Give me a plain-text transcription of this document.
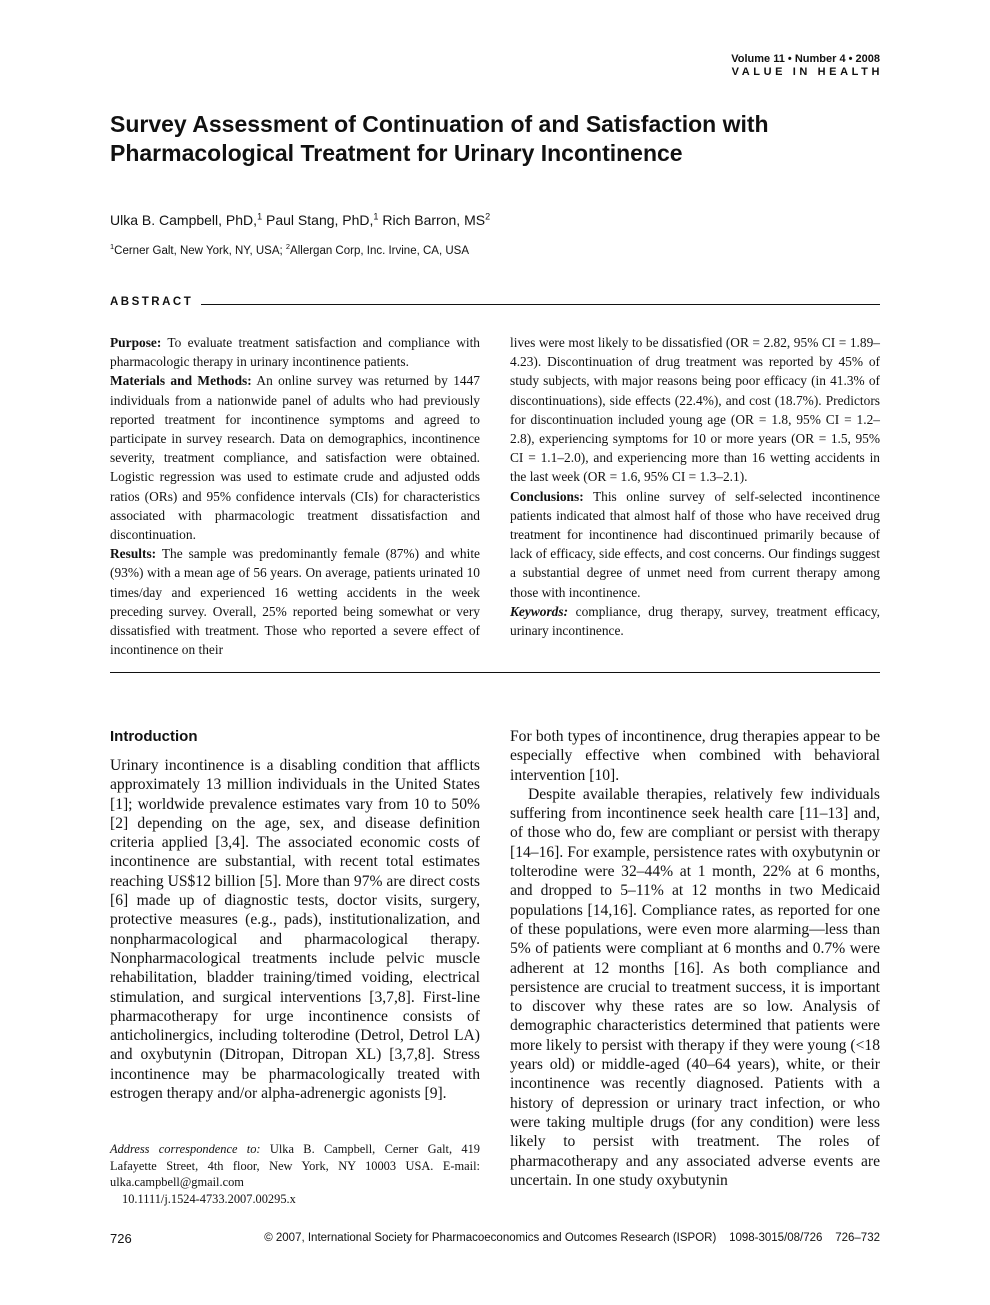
Volume 11 • Number 4 • 2008
VALUE IN HEALTH
Survey Assessment of Continuation of and Satisfaction with Pharmacological Treatment for Urinary Incontinence
Ulka B. Campbell, PhD,$^1$ Paul Stang, PhD,$^1$ Rich Barron, $MS^2$
$^1$Cerner Galt, New York, NY, USA; $^2$Allergan Corp, Inc. Irvine, CA, USA
ABSTRACT

Purpose: To evaluate treatment satisfaction and compliance with pharmacologic therapy in urinary incontinence patients.
Materials and Methods: An online survey was returned by 1447 individuals from a nationwide panel of adults who had previously reported treatment for incontinence symptoms and agreed to participate in survey research. Data on demographics, incontinence severity, treatment compliance, and satisfaction were obtained. Logistic regression was used to estimate crude and adjusted odds ratios (ORs) and 95% confidence intervals (CIs) for characteristics associated with pharmacologic treatment dissatisfaction and discontinuation.
Results: The sample was predominantly female (87%) and white (93%) with a mean age of 56 years. On average, patients urinated 10 times/day and experienced 16 wetting accidents in the week preceding survey. Overall, 25% reported being somewhat or very dissatisfied with treatment. Those who reported a severe effect of incontinence on their

lives were most likely to be dissatisfied (OR = 2.82, 95% CI = 1.89–4.23). Discontinuation of drug treatment was reported by 45% of study subjects, with major reasons being poor efficacy (in 41.3% of discontinuations), side effects (22.4%), and cost (18.7%). Predictors for discontinuation included young age (OR = 1.8, 95% CI = 1.2–2.8), experiencing symptoms for 10 or more years (OR = 1.5, 95% CI = 1.1–2.0), and experiencing more than 16 wetting accidents in the last week (OR = 1.6, 95% CI = 1.3–2.1).
Conclusions: This online survey of self-selected incontinence patients indicated that almost half of those who have received drug treatment for incontinence had discontinued primarily because of lack of efficacy, side effects, and cost concerns. Our findings suggest a substantial degree of unmet need from current therapy among those with incontinence.
Keywords: compliance, drug therapy, survey, treatment efficacy, urinary incontinence.

Introduction

Urinary incontinence is a disabling condition that afflicts approximately 13 million individuals in the United States [1]; worldwide prevalence estimates vary from 10 to 50% [2] depending on the age, sex, and disease definition criteria applied [3,4]. The associated economic costs of incontinence are substantial, with recent total estimates reaching US$12 billion [5]. More than 97% are direct costs [6] made up of diagnostic tests, doctor visits, surgery, protective measures (e.g., pads), institutionalization, and nonpharmacological and pharmacological therapy. Nonpharmacological treatments include pelvic muscle rehabilitation, bladder training/timed voiding, electrical stimulation, and surgical interventions [3,7,8]. First-line pharmacotherapy for urge incontinence consists of anticholinergics, including tolterodine (Detrol, Detrol LA) and oxybutynin (Ditropan, Ditropan XL) [3,7,8]. Stress incontinence may be pharmacologically treated with estrogen therapy and/or alpha-adrenergic agonists [9].

For both types of incontinence, drug therapies appear to be especially effective when combined with behavioral intervention [10].
Despite available therapies, relatively few individuals suffering from incontinence seek health care [11–13] and, of those who do, few are compliant or persist with therapy [14–16]. For example, persistence rates with oxybutynin or tolterodine were 32–44% at 1 month, 22% at 6 months, and dropped to 5–11% at 12 months in two Medicaid populations [14,16]. Compliance rates, as reported for one of these populations, were even more alarming—less than 5% of patients were compliant at 6 months and 0.7% were adherent at 12 months [16]. As both compliance and persistence are crucial to treatment success, it is important to discover why these rates are so low. Analysis of demographic characteristics determined that patients were more likely to persist with therapy if they were young (<18 years old) or middle-aged (40–64 years), white, or their incontinence was recently diagnosed. Patients with a history of depression or urinary tract infection, or who were taking multiple drugs (for any condition) were less likely to persist with treatment. The roles of pharmacotherapy and any associated adverse events are uncertain. In one study oxybutynin

Address correspondence to: Ulka B. Campbell, Cerner Galt, 419 Lafayette Street, 4th floor, New York, NY 10003 USA. E-mail: ulka.campbell@gmail.com
10.1111/j.1524-4733.2007.00295.x
726	© 2007, International Society for Pharmacoeconomics and Outcomes Research (ISPOR)    1098-3015/08/726    726–732
